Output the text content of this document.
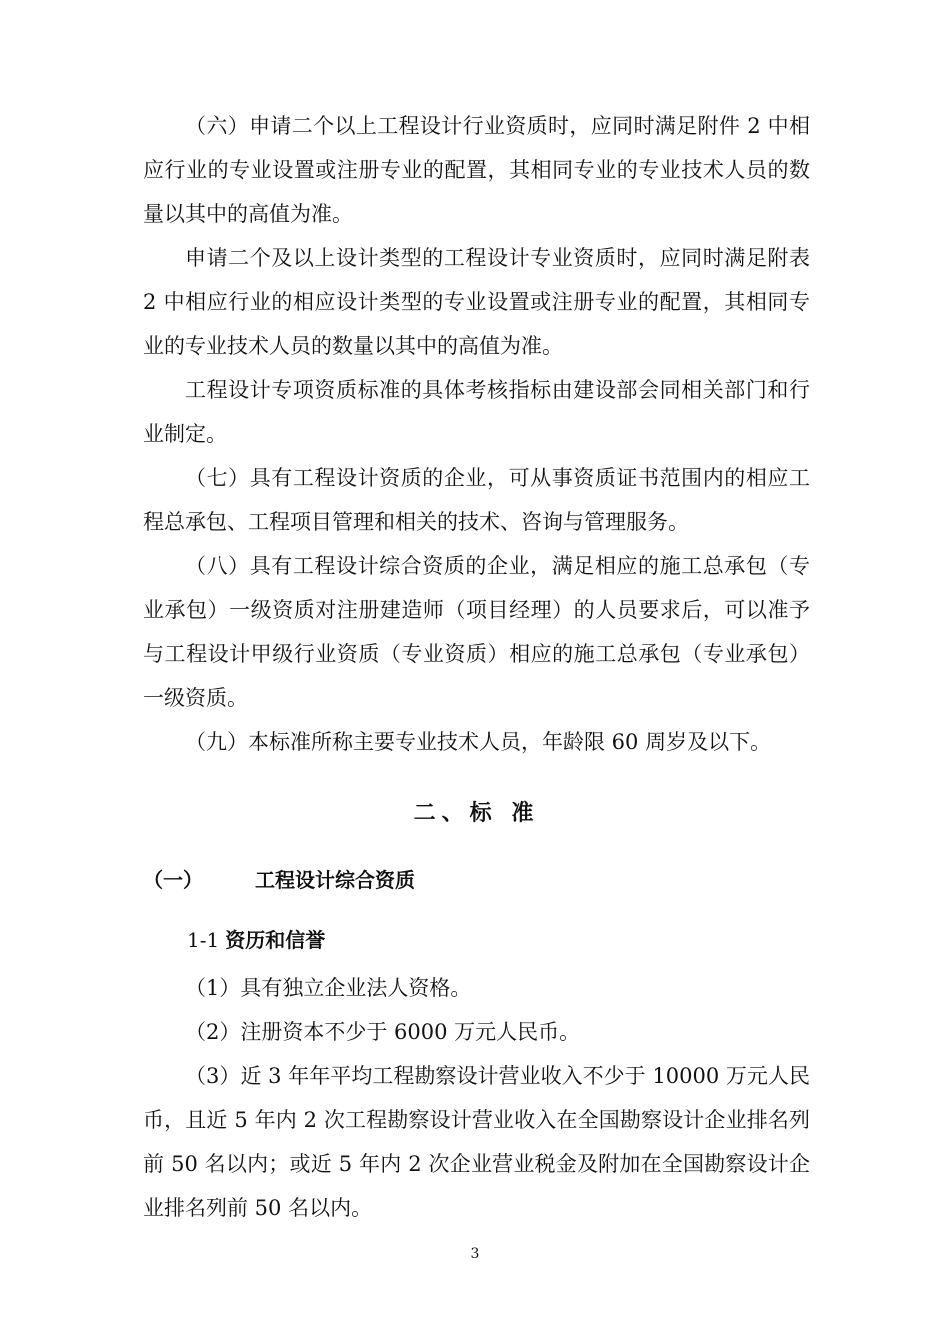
（六）申请二个以上工程设计行业资质时，应同时满足附件 2 中相应行业的专业设置或注册专业的配置，其相同专业的专业技术人员的数量以其中的高值为准。

申请二个及以上设计类型的工程设计专业资质时，应同时满足附表 2 中相应行业的相应设计类型的专业设置或注册专业的配置，其相同专业的专业技术人员的数量以其中的高值为准。

工程设计专项资质标准的具体考核指标由建设部会同相关部门和行业制定。

（七）具有工程设计资质的企业，可从事资质证书范围内的相应工程总承包、工程项目管理和相关的技术、咨询与管理服务。

（八）具有工程设计综合资质的企业，满足相应的施工总承包（专业承包）一级资质对注册建造师（项目经理）的人员要求后，可以准予与工程设计甲级行业资质（专业资质）相应的施工总承包（专业承包）一级资质。

（九）本标准所称主要专业技术人员，年龄限 60 周岁及以下。

二、标 准
（一）	工程设计综合资质
1-1 资历和信誉

（1）具有独立企业法人资格。

（2）注册资本不少于 6000 万元人民币。

（3）近 3 年年平均工程勘察设计营业收入不少于 10000 万元人民币，且近 5 年内 2 次工程勘察设计营业收入在全国勘察设计企业排名列前 50 名以内；或近 5 年内 2 次企业营业税金及附加在全国勘察设计企业排名列前 50 名以内。

3
